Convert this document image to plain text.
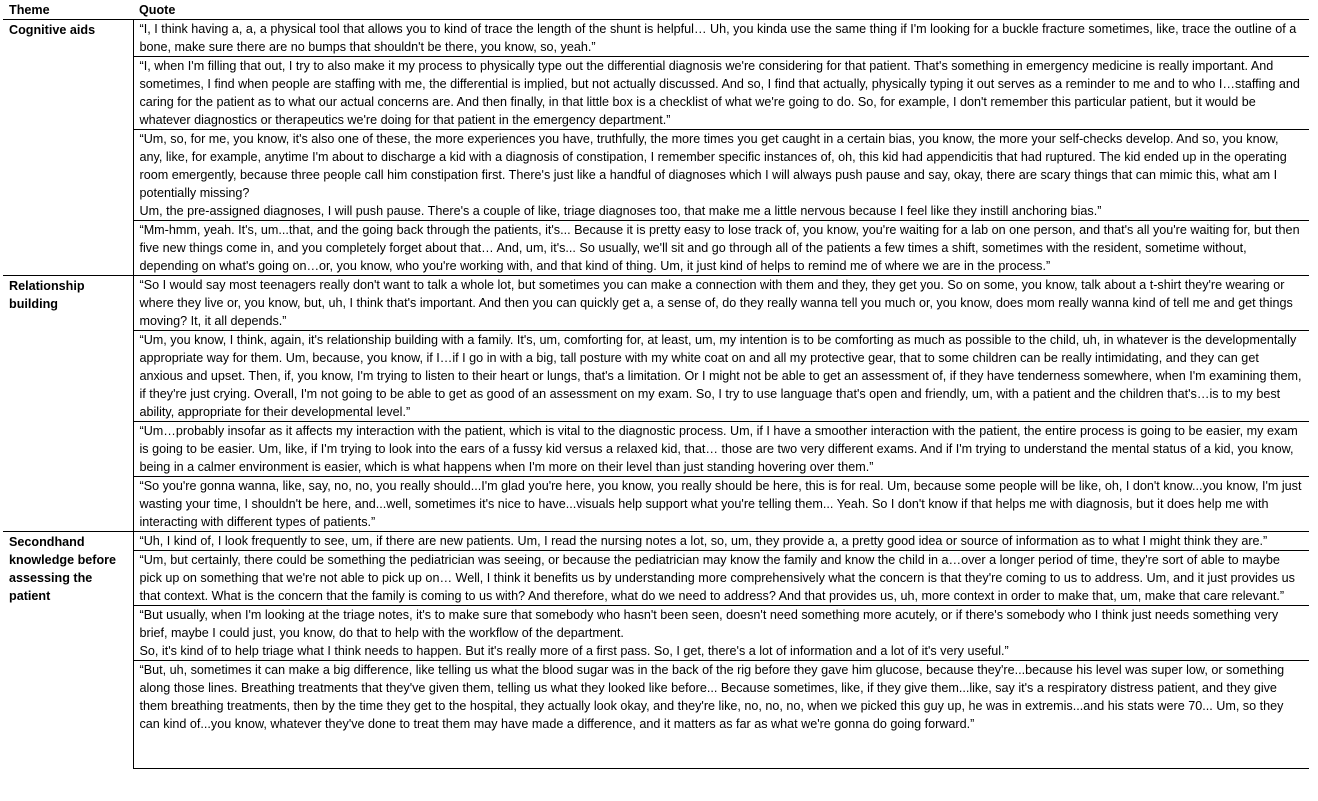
Theme	Quote
Cognitive aids	“I, I think having a, a, a physical tool that allows you to kind of trace the length of the shunt is helpful… Uh, you kinda use the same thing if I'm looking for a buckle fracture sometimes, like, trace the outline of a bone, make sure there are no bumps that shouldn't be there, you know, so, yeah.”

	“I, when I'm filling that out, I try to also make it my process to physically type out the differential diagnosis we're considering for that patient. That's something in emergency medicine is really important. And sometimes, I find when people are staffing with me, the differential is implied, but not actually discussed. And so, I find that actually, physically typing it out serves as a reminder to me and to who I…staffing and caring for the patient as to what our actual concerns are. And then finally, in that little box is a checklist of what we're going to do. So, for example, I don't remember this particular patient, but it would be whatever diagnostics or therapeutics we're doing for that patient in the emergency department.”

	“Um, so, for me, you know, it's also one of these, the more experiences you have, truthfully, the more times you get caught in a certain bias, you know, the more your self-checks develop. And so, you know, any, like, for example, anytime I'm about to discharge a kid with a diagnosis of constipation, I remember specific instances of, oh, this kid had appendicitis that had ruptured. The kid ended up in the operating room emergently, because three people call him constipation first. There's just like a handful of diagnoses which I will always push pause and say, okay, there are scary things that can mimic this, what am I potentially missing?
Um, the pre-assigned diagnoses, I will push pause. There's a couple of like, triage diagnoses too, that make me a little nervous because I feel like they instill anchoring bias.”

	“Mm-hmm, yeah. It's, um...that, and the going back through the patients, it's... Because it is pretty easy to lose track of, you know, you're waiting for a lab on one person, and that's all you're waiting for, but then five new things come in, and you completely forget about that… And, um, it's... So usually, we'll sit and go through all of the patients a few times a shift, sometimes with the resident, sometime without, depending on what's going on…or, you know, who you're working with, and that kind of thing. Um, it just kind of helps to remind me of where we are in the process.”

Relationship building	“So I would say most teenagers really don't want to talk a whole lot, but sometimes you can make a connection with them and they, they get you. So on some, you know, talk about a t-shirt they're wearing or where they live or, you know, but, uh, I think that's important. And then you can quickly get a, a sense of, do they really wanna tell you much or, you know, does mom really wanna kind of tell me and get things moving? It, it all depends.”

	“Um, you know, I think, again, it's relationship building with a family. It's, um, comforting for, at least, um, my intention is to be comforting as much as possible to the child, uh, in whatever is the developmentally appropriate way for them. Um, because, you know, if I…if I go in with a big, tall posture with my white coat on and all my protective gear, that to some children can be really intimidating, and they can get anxious and upset. Then, if, you know, I'm trying to listen to their heart or lungs, that's a limitation. Or I might not be able to get an assessment of, if they have tenderness somewhere, when I'm examining them, if they're just crying. Overall, I'm not going to be able to get as good of an assessment on my exam. So, I try to use language that's open and friendly, um, with a patient and the children that's…is to my best ability, appropriate for their developmental level.”

	“Um…probably insofar as it affects my interaction with the patient, which is vital to the diagnostic process. Um, if I have a smoother interaction with the patient, the entire process is going to be easier, my exam is going to be easier. Um, like, if I'm trying to look into the ears of a fussy kid versus a relaxed kid, that… those are two very different exams. And if I'm trying to understand the mental status of a kid, you know, being in a calmer environment is easier, which is what happens when I'm more on their level than just standing hovering over them.”

	“So you're gonna wanna, like, say, no, no, you really should...I'm glad you're here, you know, you really should be here, this is for real. Um, because some people will be like, oh, I don't know...you know, I'm just wasting your time, I shouldn't be here, and...well, sometimes it's nice to have...visuals help support what you're telling them... Yeah. So I don't know if that helps me with diagnosis, but it does help me with interacting with different types of patients.”

Secondhand knowledge before assessing the patient	“Uh, I kind of, I look frequently to see, um, if there are new patients. Um, I read the nursing notes a lot, so, um, they provide a, a pretty good idea or source of information as to what I might think they are.”

	“Um, but certainly, there could be something the pediatrician was seeing, or because the pediatrician may know the family and know the child in a…over a longer period of time, they're sort of able to maybe pick up on something that we're not able to pick up on… Well, I think it benefits us by understanding more comprehensively what the concern is that they're coming to us to address. Um, and it just provides us that context. What is the concern that the family is coming to us with? And therefore, what do we need to address? And that provides us, uh, more context in order to make that, um, make that care relevant.”

	“But usually, when I'm looking at the triage notes, it's to make sure that somebody who hasn't been seen, doesn't need something more acutely, or if there's somebody who I think just needs something very brief, maybe I could just, you know, do that to help with the workflow of the department.
So, it's kind of to help triage what I think needs to happen. But it's really more of a first pass. So, I get, there's a lot of information and a lot of it's very useful.”

	“But, uh, sometimes it can make a big difference, like telling us what the blood sugar was in the back of the rig before they gave him glucose, because they're...because his level was super low, or something along those lines. Breathing treatments that they've given them, telling us what they looked like before... Because sometimes, like, if they give them...like, say it's a respiratory distress patient, and they give them breathing treatments, then by the time they get to the hospital, they actually look okay, and they're like, no, no, no, when we picked this guy up, he was in extremis...and his stats were 70... Um, so they can kind of...you know, whatever they've done to treat them may have made a difference, and it matters as far as what we're gonna do going forward.”
